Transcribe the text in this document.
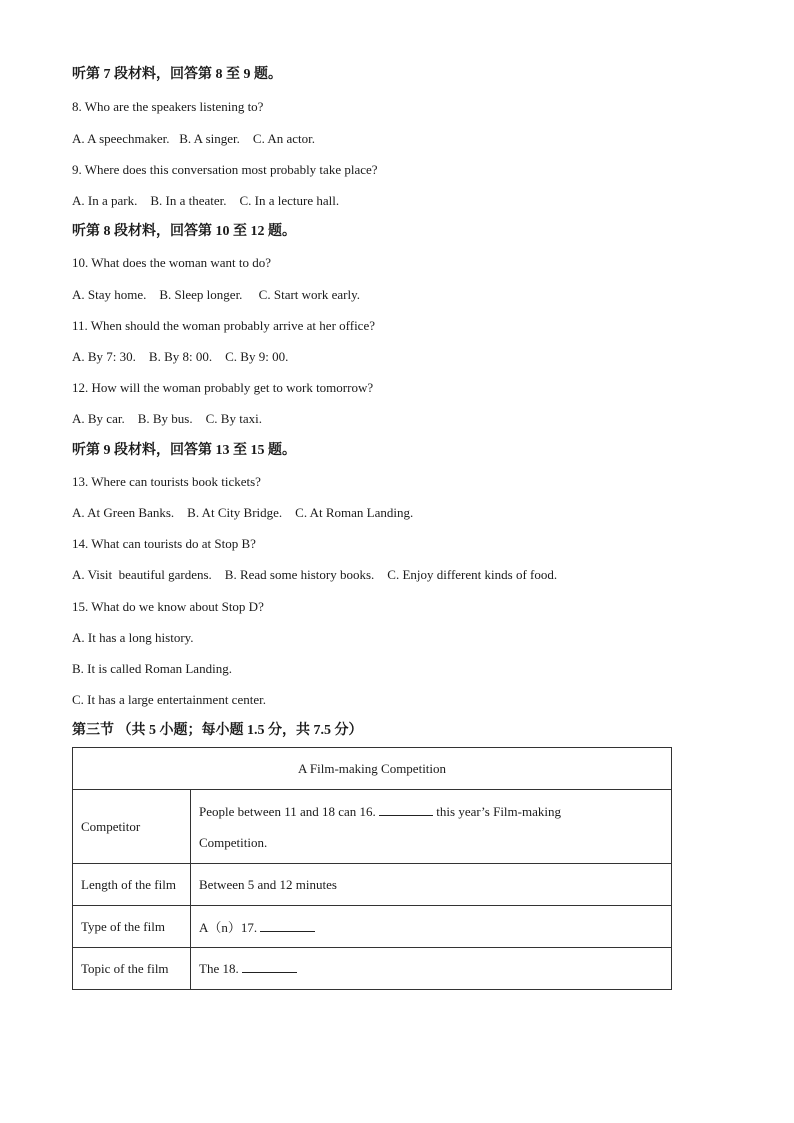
听第 7 段材料，回答第 8 至 9 题。
8. Who are the speakers listening to?
A. A speechmaker.   B. A singer.    C. An actor.
9. Where does this conversation most probably take place?
A. In a park.    B. In a theater.    C. In a lecture hall.
听第 8 段材料，回答第 10 至 12 题。
10. What does the woman want to do?
A. Stay home.    B. Sleep longer.     C. Start work early.
11. When should the woman probably arrive at her office?
A. By 7: 30.    B. By 8: 00.    C. By 9: 00.
12. How will the woman probably get to work tomorrow?
A. By car.    B. By bus.    C. By taxi.
听第 9 段材料，回答第 13 至 15 题。
13. Where can tourists book tickets?
A. At Green Banks.    B. At City Bridge.    C. At Roman Landing.
14. What can tourists do at Stop B?
A. Visit  beautiful gardens.    B. Read some history books.    C. Enjoy different kinds of food.
15. What do we know about Stop D?
A. It has a long history.
B. It is called Roman Landing.
C. It has a large entertainment center.
第三节 （共 5 小题；每小题 1.5 分，共 7.5 分）
A Film-making Competition	
Competitor	People between 11 and 18 can 16. this year’s Film-making
Competition.

Length of the film	Between 5 and 12 minutes
Type of the film	A（n）17.
Topic of the film	The 18.
